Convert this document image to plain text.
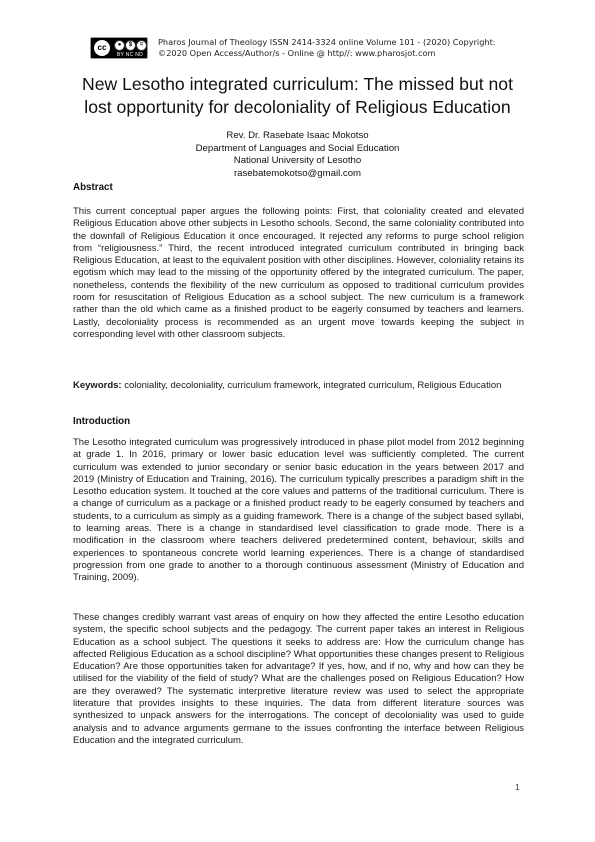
cc	●	$	=
BY NC ND
Pharos Journal of Theology ISSN 2414-3324 online Volume 101 - (2020) Copyright:
©2020 Open Access/Author/s - Online @ http//: www.pharosjot.com
New Lesotho integrated curriculum: The missed but not
lost opportunity for decoloniality of Religious Education
Rev. Dr. Rasebate Isaac Mokotso
Department of Languages and Social Education
National University of Lesotho
rasebatemokotso@gmail.com
Abstract
This current conceptual paper argues the following points: First, that coloniality created and elevated Religious Education above other subjects in Lesotho schools. Second, the same coloniality contributed into the downfall of Religious Education it once encouraged. It rejected any reforms to purge school religion from “religiousness.” Third, the recent introduced integrated curriculum contributed in bringing back Religious Education, at least to the equivalent position with other disciplines. However, coloniality retains its egotism which may lead to the missing of the opportunity offered by the integrated curriculum. The paper, nonetheless, contends the flexibility of the new curriculum as opposed to traditional curriculum provides room for resuscitation of Religious Education as a school subject. The new curriculum is a framework rather than the old which came as a finished product to be eagerly consumed by teachers and learners. Lastly, decoloniality process is recommended as an urgent move towards keeping the subject in corresponding level with other classroom subjects.
Keywords: coloniality, decoloniality, curriculum framework, integrated curriculum, Religious Education
Introduction
The Lesotho integrated curriculum was progressively introduced in phase pilot model from 2012 beginning at grade 1. In 2016, primary or lower basic education level was sufficiently completed. The current curriculum was extended to junior secondary or senior basic education in the years between 2017 and 2019 (Ministry of Education and Training, 2016). The curriculum typically prescribes a paradigm shift in the Lesotho education system. It touched at the core values and patterns of the traditional curriculum. There is a change of curriculum as a package or a finished product ready to be eagerly consumed by teachers and students, to a curriculum as simply as a guiding framework. There is a change of the subject based syllabi, to learning areas. There is a change in standardised level classification to grade mode. There is a modification in the classroom where teachers delivered predetermined content, behaviour, skills and experiences to spontaneous concrete world learning experiences. There is a change of standardised progression from one grade to another to a thorough continuous assessment (Ministry of Education and Training, 2009).
These changes credibly warrant vast areas of enquiry on how they affected the entire Lesotho education system, the specific school subjects and the pedagogy. The current paper takes an interest in Religious Education as a school subject. The questions it seeks to address are: How the curriculum change has affected Religious Education as a school discipline? What opportunities these changes present to Religious Education? Are those opportunities taken for advantage? If yes, how, and if no, why and how can they be utilised for the viability of the field of study? What are the challenges posed on Religious Education? How are they overawed? The systematic interpretive literature review was used to select the appropriate literature that provides insights to these inquiries. The data from different literature sources was synthesized to unpack answers for the interrogations. The concept of decoloniality was used to guide analysis and to advance arguments germane to the issues confronting the interface between Religious Education and the integrated curriculum.
1
